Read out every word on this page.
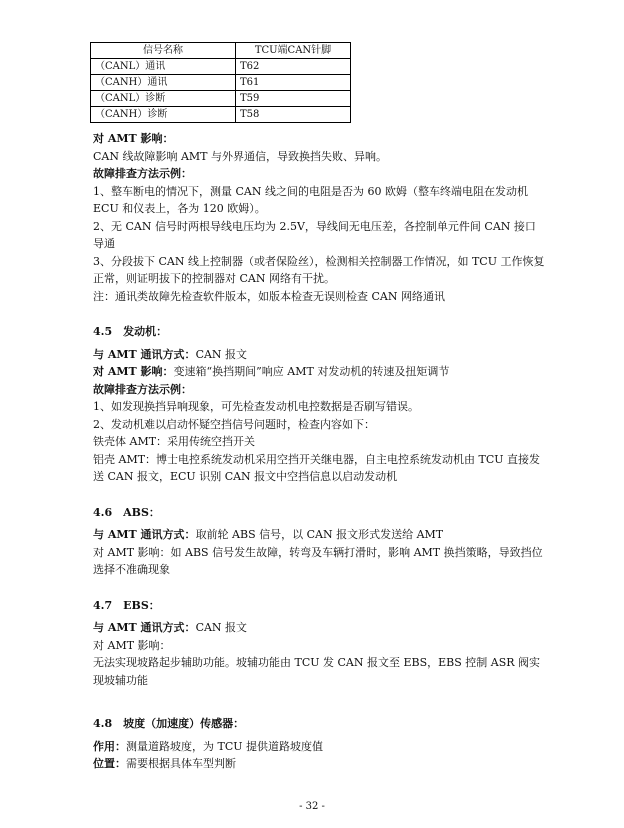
信号名称	TCU端CAN针脚
（CANL）通讯	T62
（CANH）通讯	T61
（CANL）诊断	T59
（CANH）诊断	T58

对 AMT 影响：

CAN 线故障影响 AMT 与外界通信，导致换挡失败、异响。

故障排查方法示例：

1、整车断电的情况下，测量 CAN 线之间的电阻是否为 60 欧姆（整车终端电阻在发动机 ECU 和仪表上，各为 120 欧姆）。

2、无 CAN 信号时两根导线电压均为 2.5V，导线间无电压差，各控制单元件间 CAN 接口导通

3、分段拔下 CAN 线上控制器（或者保险丝），检测相关控制器工作情况，如 TCU 工作恢复正常，则证明拔下的控制器对 CAN 网络有干扰。

注：通讯类故障先检查软件版本，如版本检查无误则检查 CAN 网络通讯

4.5　发动机：

与 AMT 通讯方式：CAN 报文

对 AMT 影响：变速箱“换挡期间”响应 AMT 对发动机的转速及扭矩调节

故障排查方法示例：

1、如发现换挡异响现象，可先检查发动机电控数据是否刷写错误。

2、发动机难以启动怀疑空挡信号问题时，检查内容如下：

铁壳体 AMT：采用传统空挡开关

铝壳 AMT：博士电控系统发动机采用空挡开关继电器，自主电控系统发动机由 TCU 直接发送 CAN 报文，ECU 识别 CAN 报文中空挡信息以启动发动机

4.6　ABS：

与 AMT 通讯方式：取前轮 ABS 信号，以 CAN 报文形式发送给 AMT

对 AMT 影响：如 ABS 信号发生故障，转弯及车辆打滑时，影响 AMT 换挡策略，导致挡位选择不准确现象

4.7　EBS：

与 AMT 通讯方式：CAN 报文

对 AMT 影响：

无法实现坡路起步辅助功能。坡辅功能由 TCU 发 CAN 报文至 EBS，EBS 控制 ASR 阀实现坡辅功能

4.8　坡度（加速度）传感器：

作用：测量道路坡度，为 TCU 提供道路坡度值

位置：需要根据具体车型判断

- 32 -
